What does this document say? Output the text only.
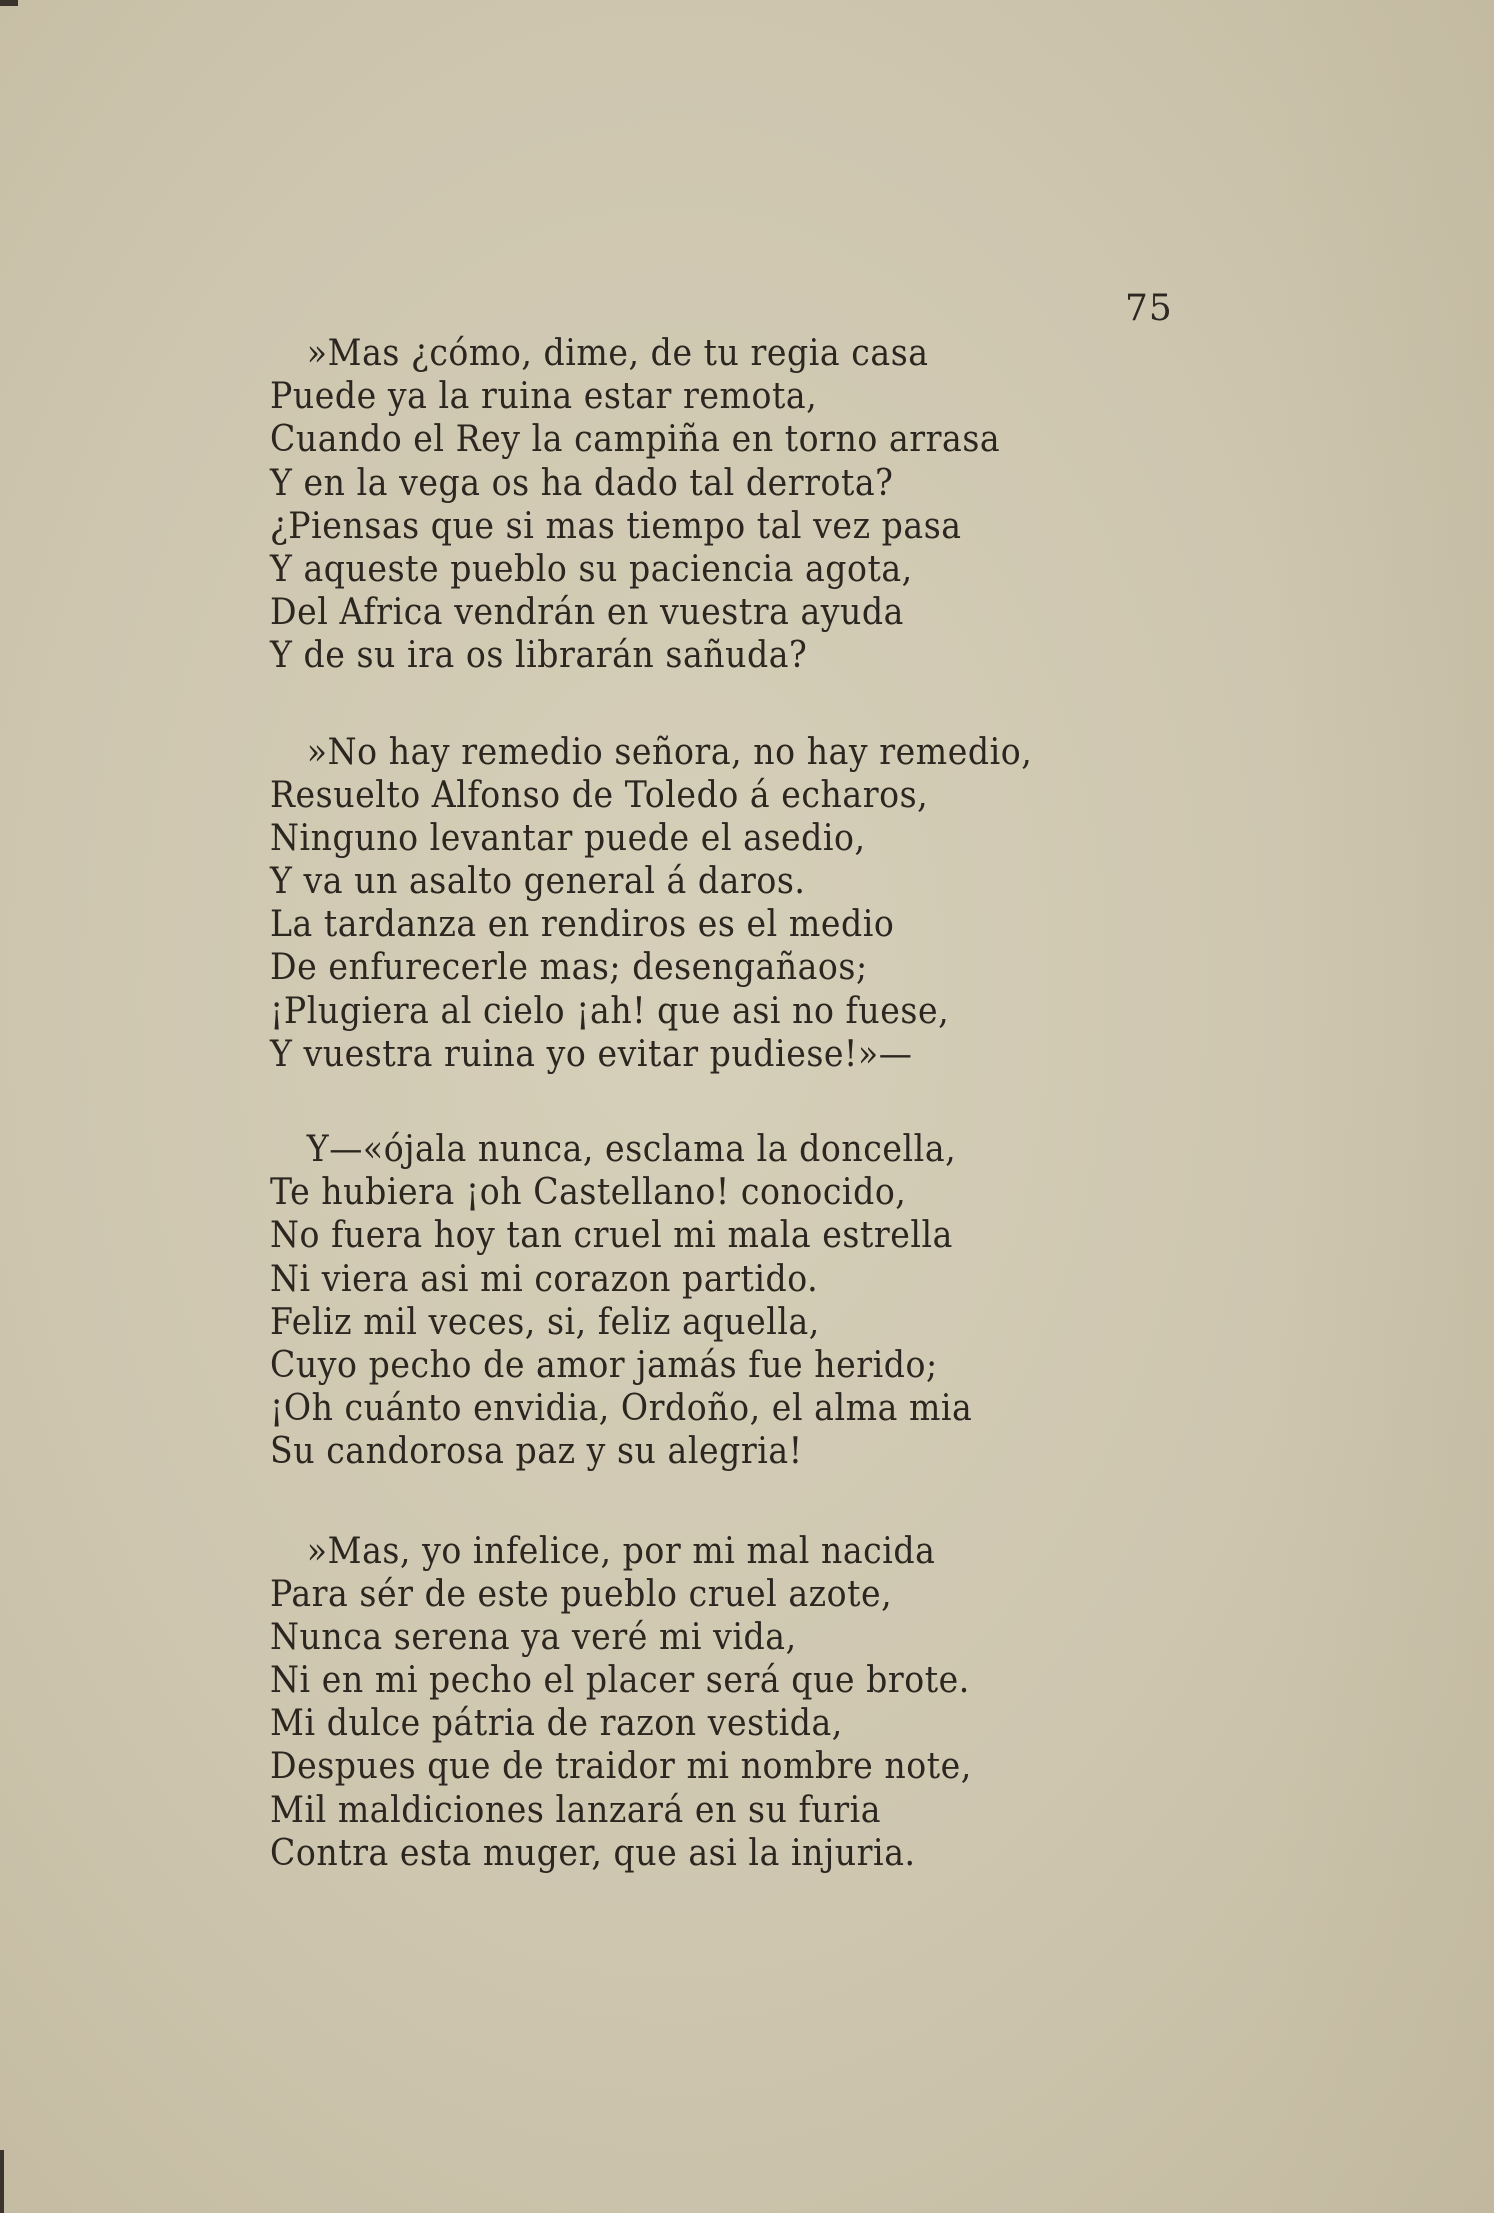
75
»Mas ¿cómo, dime, de tu regia casa
Puede ya la ruina estar remota,
Cuando el Rey la campiña en torno arrasa
Y en la vega os ha dado tal derrota?
¿Piensas que si mas tiempo tal vez pasa
Y aqueste pueblo su paciencia agota,
Del Africa vendrán en vuestra ayuda
Y de su ira os librarán sañuda?
»No hay remedio señora, no hay remedio,
Resuelto Alfonso de Toledo á echaros,
Ninguno levantar puede el asedio,
Y va un asalto general á daros.
La tardanza en rendiros es el medio
De enfurecerle mas; desengañaos;
¡Plugiera al cielo ¡ah! que asi no fuese,
Y vuestra ruina yo evitar pudiese!»—
Y—«ójala nunca, esclama la doncella,
Te hubiera ¡oh Castellano! conocido,
No fuera hoy tan cruel mi mala estrella
Ni viera asi mi corazon partido.
Feliz mil veces, si, feliz aquella,
Cuyo pecho de amor jamás fue herido;
¡Oh cuánto envidia, Ordoño, el alma mia
Su candorosa paz y su alegria!
»Mas, yo infelice, por mi mal nacida
Para sér de este pueblo cruel azote,
Nunca serena ya veré mi vida,
Ni en mi pecho el placer será que brote.
Mi dulce pátria de razon vestida,
Despues que de traidor mi nombre note,
Mil maldiciones lanzará en su furia
Contra esta muger, que asi la injuria.
